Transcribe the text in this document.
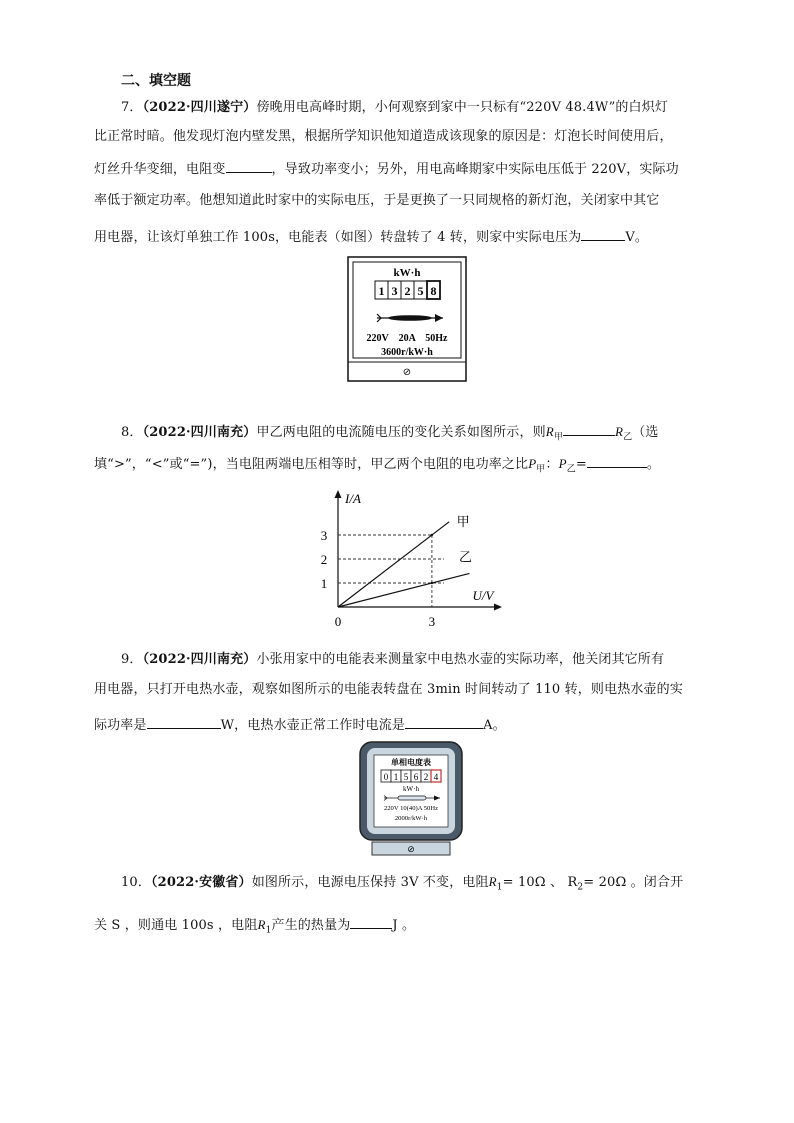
二、填空题
7．（2022·四川遂宁）傍晚用电高峰时期，小何观察到家中一只标有“220V 48.4W”的白炽灯
比正常时暗。他发现灯泡内壁发黑，根据所学知识他知道造成该现象的原因是：灯泡长时间使用后，
灯丝升华变细，电阻变	，导致功率变小；另外，用电高峰期家中实际电压低于 220V，实际功
率低于额定功率。他想知道此时家中的实际电压，于是更换了一只同规格的新灯泡，关闭家中其它
用电器，让该灯单独工作 100s，电能表（如图）转盘转了 4 转，则家中实际电压为	V。
kW·h
1 3 2 5 8
220V    20A    50Hz
3600r/kW·h
⊘
8．（2022·四川南充）甲乙两电阻的电流随电压的变化关系如图所示，则$R_甲$	$R_乙$（选
填“>”，“<”或“=”)，当电阻两端电压相等时，甲乙两个电阻的电功率之比$P_甲$：$P_乙=$	。
I/A
U/V
3
2
1
0	3
甲
乙
9．（2022·四川南充）小张用家中的电能表来测量家中电热水壶的实际功率，他关闭其它所有
用电器，只打开电热水壶，观察如图所示的电能表转盘在 3min 时间转动了 110 转，则电热水壶的实
际功率是	W，电热水壶正常工作时电流是	A。
单相电度表
0 1 5 6 2 4
kW·h
220V 10(40)A 50Hz
2000r/kW·h
⊘
10．（2022·安徽省）如图所示，电源电压保持 3V 不变，电阻$R_1= 10\Omega$ 、 $R_2= 20\Omega$ 。闭合开
关 S ，则通电 100s ，电阻$R_1$产生的热量为	J 。
